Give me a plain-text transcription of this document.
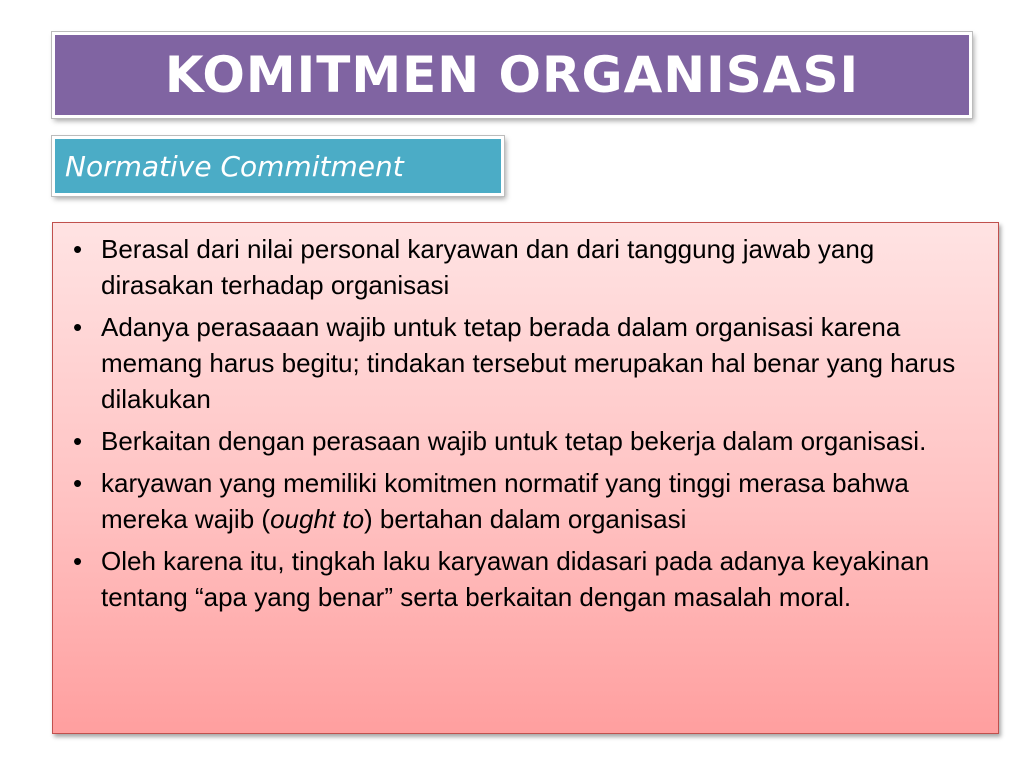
KOMITMEN ORGANISASI
Normative Commitment
• Berasal dari nilai personal karyawan dan dari tanggung jawab yang dirasakan terhadap organisasi
• Adanya perasaaan wajib untuk tetap berada dalam organisasi karena memang harus begitu; tindakan tersebut merupakan hal benar yang harus dilakukan
• Berkaitan dengan perasaan wajib untuk tetap bekerja dalam organisasi.
• karyawan yang memiliki komitmen normatif yang tinggi merasa bahwa mereka wajib (ought to) bertahan dalam organisasi
• Oleh karena itu, tingkah laku karyawan didasari pada adanya keyakinan tentang “apa yang benar” serta berkaitan dengan masalah moral.
